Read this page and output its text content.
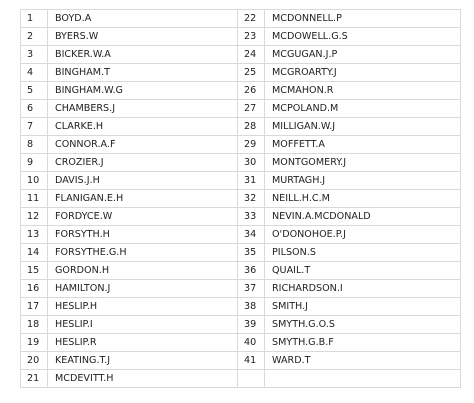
1	BOYD.A	22	MCDONNELL.P
2	BYERS.W	23	MCDOWELL.G.S
3	BICKER.W.A	24	MCGUGAN.J.P
4	BINGHAM.T	25	MCGROARTY.J
5	BINGHAM.W.G	26	MCMAHON.R
6	CHAMBERS.J	27	MCPOLAND.M
7	CLARKE.H	28	MILLIGAN.W.J
8	CONNOR.A.F	29	MOFFETT.A
9	CROZIER.J	30	MONTGOMERY.J
10	DAVIS.J.H	31	MURTAGH.J
11	FLANIGAN.E.H	32	NEILL.H.C.M
12	FORDYCE.W	33	NEVIN.A.MCDONALD
13	FORSYTH.H	34	O'DONOHOE.P.J
14	FORSYTHE.G.H	35	PILSON.S
15	GORDON.H	36	QUAIL.T
16	HAMILTON.J	37	RICHARDSON.I
17	HESLIP.H	38	SMITH.J
18	HESLIP.I	39	SMYTH.G.O.S
19	HESLIP.R	40	SMYTH.G.B.F
20	KEATING.T.J	41	WARD.T
21	MCDEVITT.H		
